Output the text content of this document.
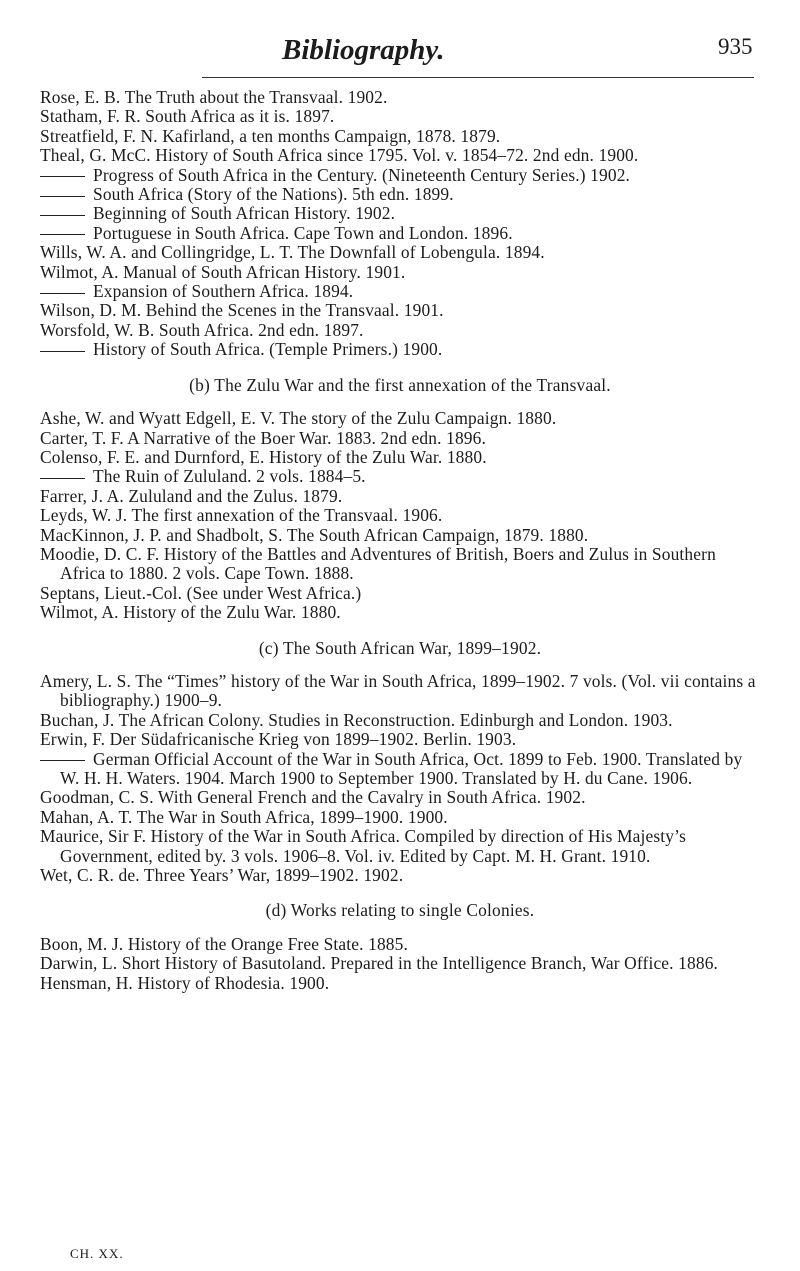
Bibliography.	935

Rose, E. B. The Truth about the Transvaal. 1902.

Statham, F. R. South Africa as it is. 1897.

Streatfield, F. N. Kafirland, a ten months Campaign, 1878. 1879.

Theal, G. McC. History of South Africa since 1795. Vol. v. 1854–72. 2nd edn. 1900.

Progress of South Africa in the Century. (Nineteenth Century Series.) 1902.

South Africa (Story of the Nations). 5th edn. 1899.

Beginning of South African History. 1902.

Portuguese in South Africa. Cape Town and London. 1896.

Wills, W. A. and Collingridge, L. T. The Downfall of Lobengula. 1894.

Wilmot, A. Manual of South African History. 1901.

Expansion of Southern Africa. 1894.

Wilson, D. M. Behind the Scenes in the Transvaal. 1901.

Worsfold, W. B. South Africa. 2nd edn. 1897.

History of South Africa. (Temple Primers.) 1900.

(b) The Zulu War and the first annexation of the Transvaal.

Ashe, W. and Wyatt Edgell, E. V. The story of the Zulu Campaign. 1880.

Carter, T. F. A Narrative of the Boer War. 1883. 2nd edn. 1896.

Colenso, F. E. and Durnford, E. History of the Zulu War. 1880.

The Ruin of Zululand. 2 vols. 1884–5.

Farrer, J. A. Zululand and the Zulus. 1879.

Leyds, W. J. The first annexation of the Transvaal. 1906.

MacKinnon, J. P. and Shadbolt, S. The South African Campaign, 1879. 1880.

Moodie, D. C. F. History of the Battles and Adventures of British, Boers and Zulus in Southern Africa to 1880. 2 vols. Cape Town. 1888.

Septans, Lieut.-Col. (See under West Africa.)

Wilmot, A. History of the Zulu War. 1880.

(c) The South African War, 1899–1902.

Amery, L. S. The “Times” history of the War in South Africa, 1899–1902. 7 vols. (Vol. vii contains a bibliography.) 1900–9.

Buchan, J. The African Colony. Studies in Reconstruction. Edinburgh and London. 1903.

Erwin, F. Der Südafricanische Krieg von 1899–1902. Berlin. 1903.

German Official Account of the War in South Africa, Oct. 1899 to Feb. 1900. Translated by W. H. H. Waters. 1904. March 1900 to September 1900. Translated by H. du Cane. 1906.

Goodman, C. S. With General French and the Cavalry in South Africa. 1902.

Mahan, A. T. The War in South Africa, 1899–1900. 1900.

Maurice, Sir F. History of the War in South Africa. Compiled by direction of His Majesty’s Government, edited by. 3 vols. 1906–8. Vol. iv. Edited by Capt. M. H. Grant. 1910.

Wet, C. R. de. Three Years’ War, 1899–1902. 1902.

(d) Works relating to single Colonies.

Boon, M. J. History of the Orange Free State. 1885.

Darwin, L. Short History of Basutoland. Prepared in the Intelligence Branch, War Office. 1886.

Hensman, H. History of Rhodesia. 1900.

CH. XX.
